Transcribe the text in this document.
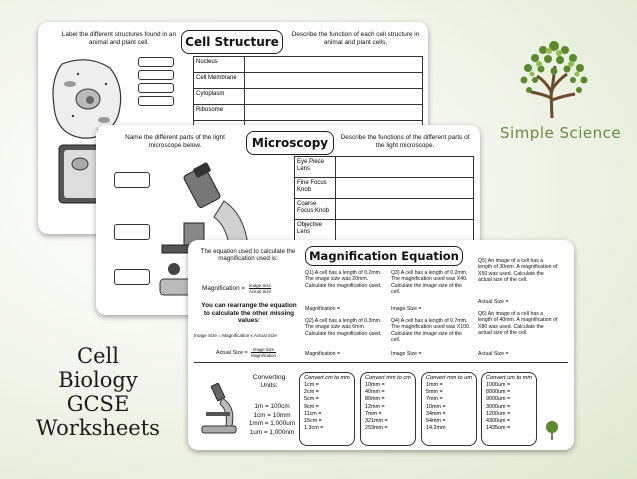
Simple Science
Cell
Biology
GCSE
Worksheets
Label the different structures found in an animal and plant cell.	Cell Structure
Describe the function of each cell structure in animal and plant cells.
Nucleus
Cell Membrane
Cytoplasm
Ribosome
Name the different parts of the light microscope below.	Microscopy	Describe the functions of the different parts of the light microscope.
Eye Piece Lens
Fine Focus Knob
Coarse Focus Knob
Objective Lens
The equation used to calculate the magnification used is:
Magnification = Image Size
Actual Size
You can rearrange the equation to calculate the other missing values:
Image Size = Magnification x Actual Size
Actual Size =
Image Size
Magnification
Magnification Equation
Q1) A cell has a length of 0.2mm. The image size was 20mm. Calculate the magnification used.
Magnification =
Q2) A cell has a length of 0.3mm. The image size was 6mm. Calculate the magnification used.
Magnification =
Q3) A cell has a length of 0.2mm. The magnification used was X40. Calculate the image size of the cell.
Image Size =
Q4) A cell has a length of 0.7mm. The magnification used was X100. Calculate the image size of the cell.
Image Size =
Q5) An image of a cell has a length of 30mm. A magnification of X50 was used. Calculate the actual size of the cell.
Actual Size =
Q6) An image of a cell has a length of 40mm. A magnification of X80 was used. Calculate the actual size of the cell.
Actual Size =
Converting Units:
1m = 100cm
1cm = 10mm
1mm = 1,000um
1um = 1,000nm
Convert cm to mm
1cm =
2cm =
5cm =
9cm =
11cm =
15cm =
1.3cm =
Convert mm to cm
10mm =
40mm =
80mm =
12mm =
7mm =
321mm =
253mm =
Convert mm to um
1mm =
5mm =
7mm =
10mm =
34mm =
54mm =
14.2mm
Convert um to mm
1000um =
8000um =
9000um =
3000um =
1200um =
4300um =
1435um =
